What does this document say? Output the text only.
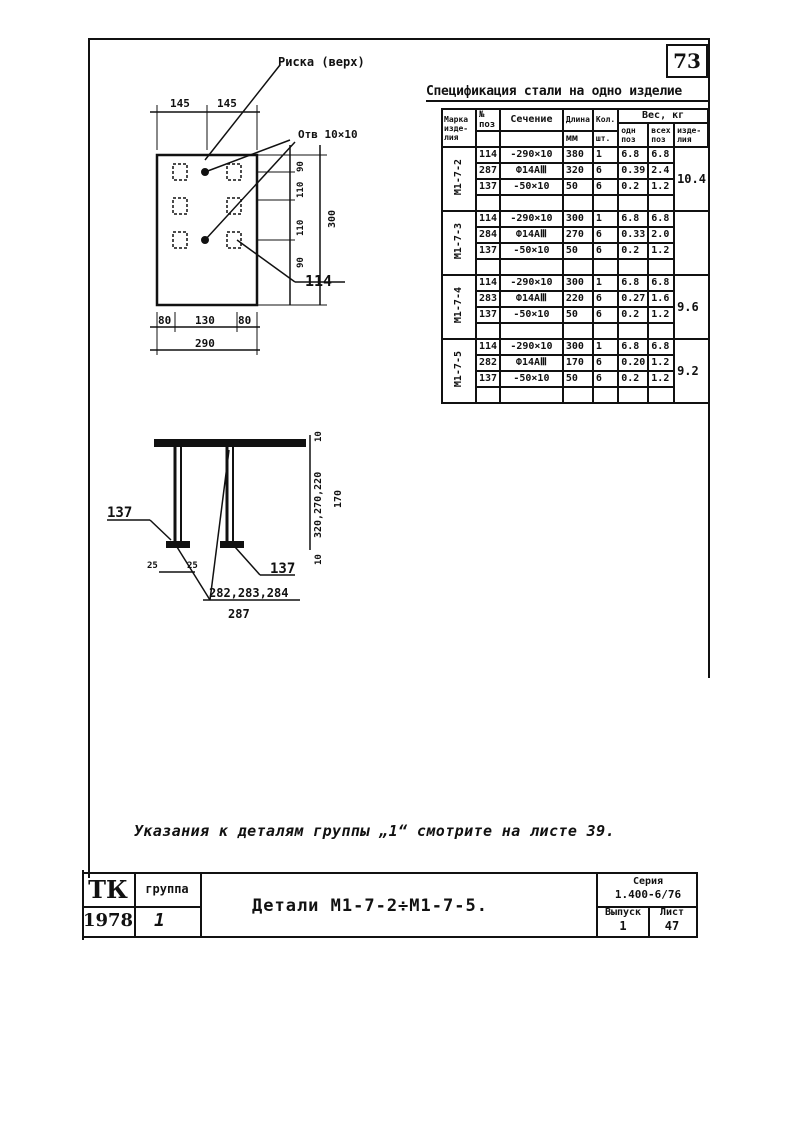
73
Риска (верх)
Отв 10×10
145 145
90
110
110
90
300
114
80 130 80
290
10
320,270,220 170
10
137
137
25	25
282,283,284
287
Спецификация стали на одно изделие
Марка изде-лия	№ поз	Сечение	Длина	Кол.	Вес, кг		
					одн поз	всех поз	изде-лия
			мм	шт.			
М1-7-2	114	-290×10	380	1	6.8	6.8	10.4
	287	Ф14АⅢ	320	6	0.39	2.4	
	137	-50×10	50	6	0.2	1.2	

М1-7-3	114	-290×10	300	1	6.8	6.8	
	284	Ф14АⅢ	270	6	0.33	2.0	
	137	-50×10	50	6	0.2	1.2	

М1-7-4	114	-290×10	300	1	6.8	6.8	9.6
	283	Ф14АⅢ	220	6	0.27	1.6	
	137	-50×10	50	6	0.2	1.2	

М1-7-5	114	-290×10	300	1	6.8	6.8	9.2
	282	Ф14АⅢ	170	6	0.20	1.2	
	137	-50×10	50	6	0.2	1.2	

Указания к деталям группы „1“ смотрите на листе 39.
ТК
1978
группа
1
Детали М1-7-2÷М1-7-5.
Серия
1.400-6/76
Выпуск
1
Лист
47
